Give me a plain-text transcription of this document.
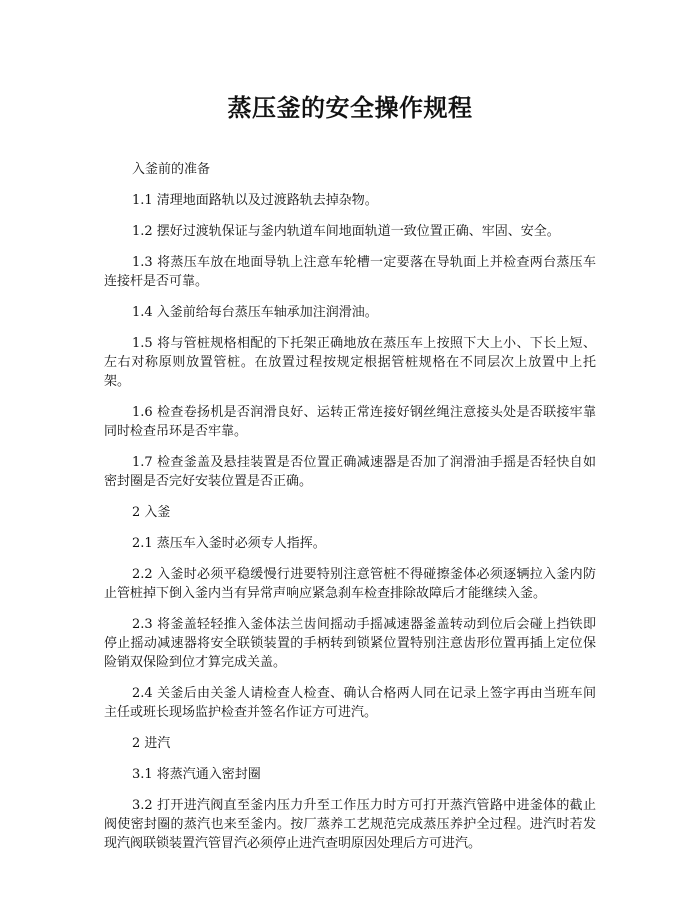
蒸压釜的安全操作规程

入釜前的准备

1.1 清理地面路轨以及过渡路轨去掉杂物。

1.2 摆好过渡轨保证与釜内轨道车间地面轨道一致位置正确、牢固、安全。

1.3 将蒸压车放在地面导轨上注意车轮槽一定要落在导轨面上并检查两台蒸压车连接杆是否可靠。

1.4 入釜前给每台蒸压车轴承加注润滑油。

1.5 将与管桩规格相配的下托架正确地放在蒸压车上按照下大上小、下长上短、左右对称原则放置管桩。在放置过程按规定根据管桩规格在不同层次上放置中上托架。

1.6 检查卷扬机是否润滑良好、运转正常连接好钢丝绳注意接头处是否联接牢靠同时检查吊环是否牢靠。

1.7 检查釜盖及悬挂装置是否位置正确减速器是否加了润滑油手摇是否轻快自如密封圈是否完好安装位置是否正确。

2 入釜

2.1 蒸压车入釜时必须专人指挥。

2.2 入釜时必须平稳缓慢行进要特别注意管桩不得碰擦釜体必须逐辆拉入釜内防止管桩掉下倒入釜内当有异常声响应紧急刹车检查排除故障后才能继续入釜。

2.3 将釜盖轻轻推入釜体法兰齿间摇动手摇减速器釜盖转动到位后会碰上挡铁即停止摇动减速器将安全联锁装置的手柄转到锁紧位置特别注意齿形位置再插上定位保险销双保险到位才算完成关盖。

2.4 关釜后由关釜人请检查人检查、确认合格两人同在记录上签字再由当班车间主任或班长现场监护检查并签名作证方可进汽。

2 进汽

3.1 将蒸汽通入密封圈

3.2 打开进汽阀直至釜内压力升至工作压力时方可打开蒸汽管路中进釜体的截止阀使密封圈的蒸汽也来至釜内。按厂蒸养工艺规范完成蒸压养护全过程。进汽时若发现汽阀联锁装置汽管冒汽必须停止进汽查明原因处理后方可进汽。
